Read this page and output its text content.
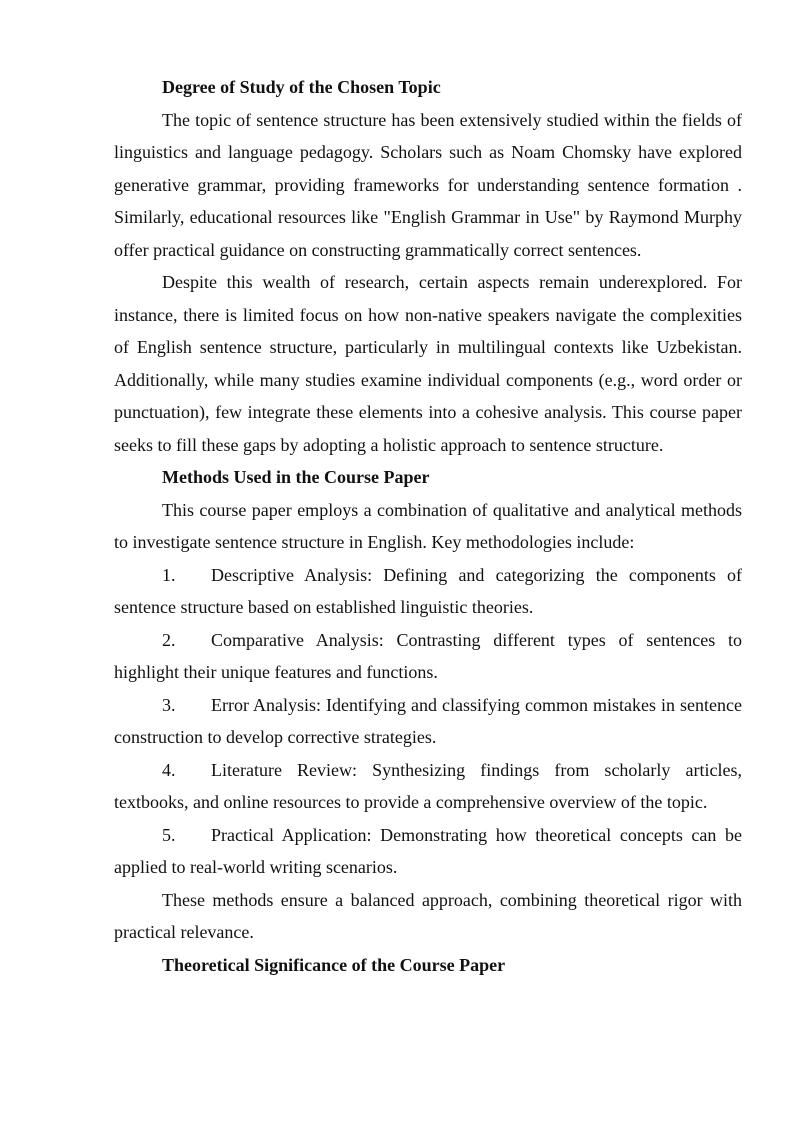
Degree of Study of the Chosen Topic

The topic of sentence structure has been extensively studied within the fields of linguistics and language pedagogy. Scholars such as Noam Chomsky have explored generative grammar, providing frameworks for understanding sentence formation . Similarly, educational resources like "English Grammar in Use" by Raymond Murphy offer practical guidance on constructing grammatically correct sentences.

Despite this wealth of research, certain aspects remain underexplored. For instance, there is limited focus on how non-native speakers navigate the complexities of English sentence structure, particularly in multilingual contexts like Uzbekistan. Additionally, while many studies examine individual components (e.g., word order or punctuation), few integrate these elements into a cohesive analysis. This course paper seeks to fill these gaps by adopting a holistic approach to sentence structure.

Methods Used in the Course Paper

This course paper employs a combination of qualitative and analytical methods to investigate sentence structure in English. Key methodologies include:

1. Descriptive Analysis: Defining and categorizing the components of sentence structure based on established linguistic theories.
2. Comparative Analysis: Contrasting different types of sentences to highlight their unique features and functions.
3. Error Analysis: Identifying and classifying common mistakes in sentence construction to develop corrective strategies.
4. Literature Review: Synthesizing findings from scholarly articles, textbooks, and online resources to provide a comprehensive overview of the topic.
5. Practical Application: Demonstrating how theoretical concepts can be applied to real-world writing scenarios.

These methods ensure a balanced approach, combining theoretical rigor with practical relevance.

Theoretical Significance of the Course Paper
